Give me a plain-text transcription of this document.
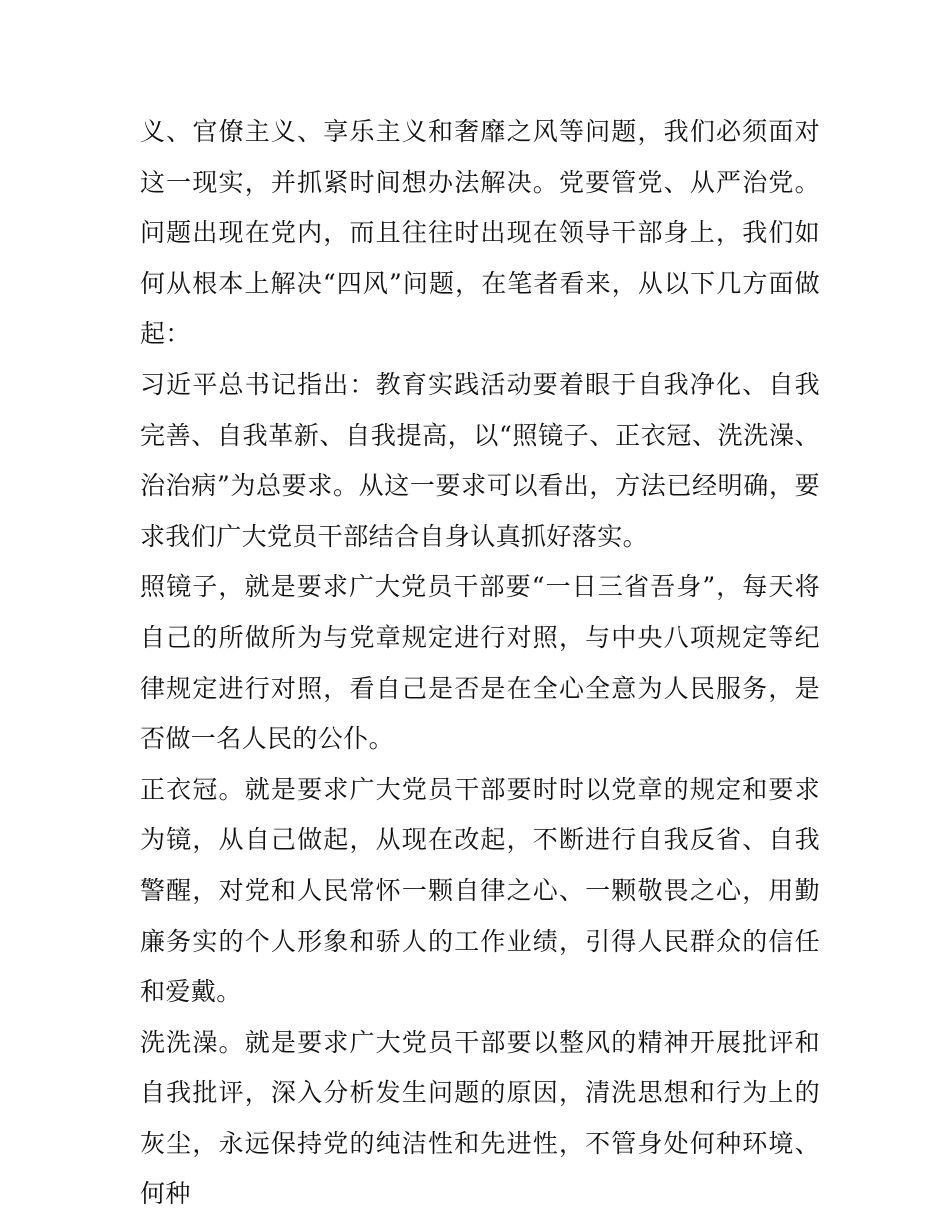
义、官僚主义、享乐主义和奢靡之风等问题，我们必须面对这一现实，并抓紧时间想办法解决。党要管党、从严治党。问题出现在党内，而且往往时出现在领导干部身上，我们如何从根本上解决“四风”问题，在笔者看来，从以下几方面做起：

习近平总书记指出：教育实践活动要着眼于自我净化、自我完善、自我革新、自我提高，以“照镜子、正衣冠、洗洗澡、治治病”为总要求。从这一要求可以看出，方法已经明确，要求我们广大党员干部结合自身认真抓好落实。

照镜子，就是要求广大党员干部要“一日三省吾身”，每天将自己的所做所为与党章规定进行对照，与中央八项规定等纪律规定进行对照，看自己是否是在全心全意为人民服务，是否做一名人民的公仆。

正衣冠。就是要求广大党员干部要时时以党章的规定和要求为镜，从自己做起，从现在改起，不断进行自我反省、自我警醒，对党和人民常怀一颗自律之心、一颗敬畏之心，用勤廉务实的个人形象和骄人的工作业绩，引得人民群众的信任和爱戴。

洗洗澡。就是要求广大党员干部要以整风的精神开展批评和自我批评，深入分析发生问题的原因，清洗思想和行为上的灰尘，永远保持党的纯洁性和先进性，不管身处何种环境、何种
